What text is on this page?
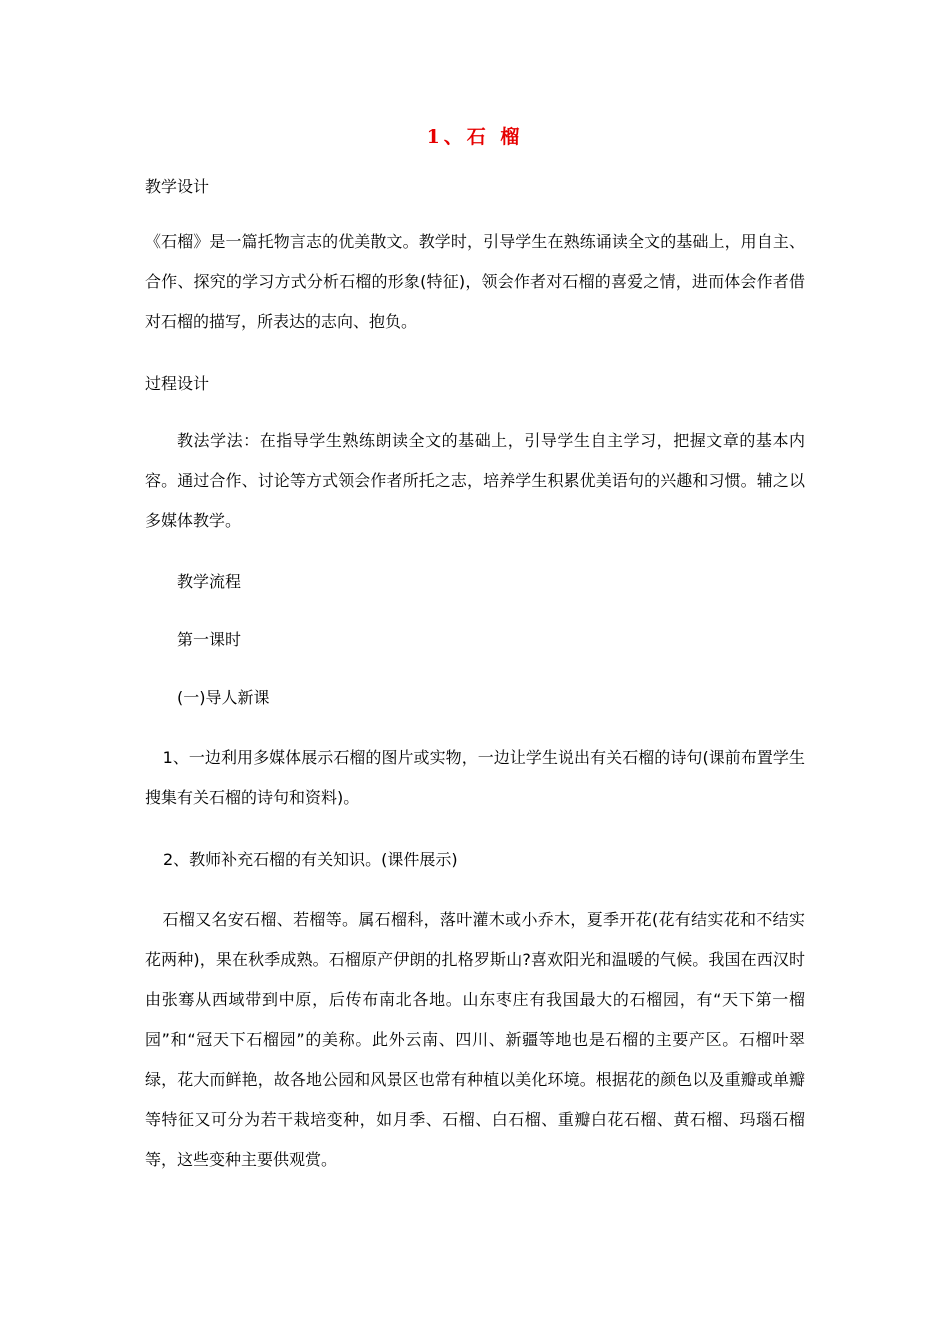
1、石 榴
教学设计
《石榴》是一篇托物言志的优美散文。教学时，引导学生在熟练诵读全文的基础上，用自主、合作、探究的学习方式分析石榴的形象(特征)，领会作者对石榴的喜爱之情，进而体会作者借对石榴的描写，所表达的志向、抱负。
过程设计
教法学法：在指导学生熟练朗读全文的基础上，引导学生自主学习，把握文章的基本内容。通过合作、讨论等方式领会作者所托之志，培养学生积累优美语句的兴趣和习惯。辅之以多媒体教学。
教学流程
第一课时
(一)导人新课
1、一边利用多媒体展示石榴的图片或实物，一边让学生说出有关石榴的诗句(课前布置学生搜集有关石榴的诗句和资料)。
2、教师补充石榴的有关知识。(课件展示)
石榴又名安石榴、若榴等。属石榴科，落叶灌木或小乔木，夏季开花(花有结实花和不结实花两种)，果在秋季成熟。石榴原产伊朗的扎格罗斯山?喜欢阳光和温暖的气候。我国在西汉时由张骞从西域带到中原，后传布南北各地。山东枣庄有我国最大的石榴园，有“天下第一榴园”和“冠天下石榴园”的美称。此外云南、四川、新疆等地也是石榴的主要产区。石榴叶翠绿，花大而鲜艳，故各地公园和风景区也常有种植以美化环境。根据花的颜色以及重瓣或单瓣等特征又可分为若干栽培变种，如月季、石榴、白石榴、重瓣白花石榴、黄石榴、玛瑙石榴等，这些变种主要供观赏。
